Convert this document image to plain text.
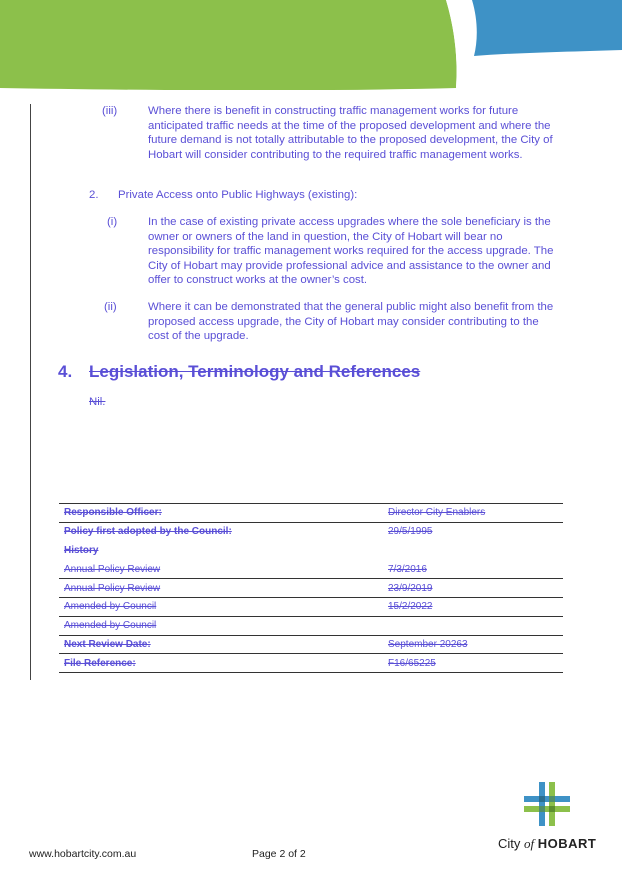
(iii)	Where there is benefit in constructing traffic management works for future anticipated traffic needs at the time of the proposed development and where the future demand is not totally attributable to the proposed development, the City of Hobart will consider contributing to the required traffic management works.
2. Private Access onto Public Highways (existing):
(i)	In the case of existing private access upgrades where the sole beneficiary is the owner or owners of the land in question, the City of Hobart will bear no responsibility for traffic management works required for the access upgrade. The City of Hobart may provide professional advice and assistance to the owner and offer to construct works at the owner’s cost.
(ii)	Where it can be demonstrated that the general public might also benefit from the proposed access upgrade, the City of Hobart may consider contributing to the cost of the upgrade.
4. Legislation, Terminology and References
Nil.
Responsible Officer:	Director City Enablers
Policy first adopted by the Council:	29/5/1995
History	
Annual Policy Review	7/3/2016
Annual Policy Review	23/9/2019
Amended by Council	15/2/2022
Amended by Council	
Next Review Date:	September 20263
File Reference:	F16/65225
www.hobartcity.com.au	Page 2 of 2
City of HOBART
